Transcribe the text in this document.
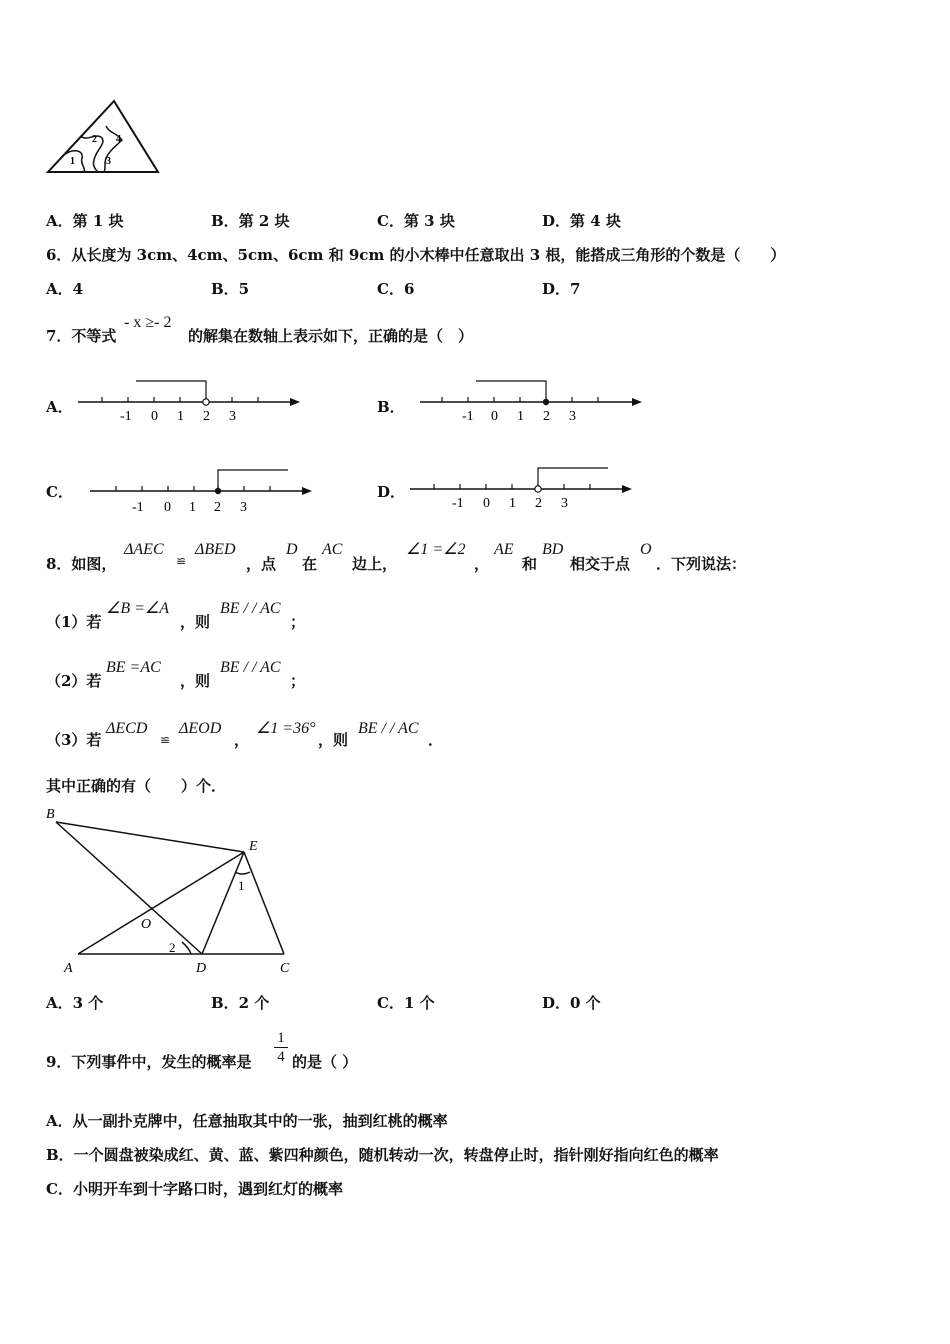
1
2
3
4
A．第 1 块	B．第 2 块	C．第 3 块	D．第 4 块
6．从长度为 3cm、4cm、5cm、6cm 和 9cm 的小木棒中任意取出 3 根，能搭成三角形的个数是（　　）
A．4	B．5	C．6	D．7
7．不等式
- x ≥- 2
的解集在数轴上表示如下，正确的是（　）
A．	B．
C．	D．
-1 0 1 2 3	-1 0 1 2 3
-1 0 1 2 3	-1 0 1 2 3
8．如图，
ΔAEC
≌
ΔBED
，点
D
在
AC
边上，
∠1 =∠2
，
AE
和
BD
相交于点
O
．下列说法：
（1）若
∠B =∠A
，则
BE / / AC
；
（2）若
BE =AC
，则
BE / / AC
；
（3）若
ΔECD
≌
ΔEOD
，
∠1 =36°
，则
BE / / AC
．
其中正确的有（　　）个．
B
E
1
O
2
A	D	C
A．3 个	B．2 个	C．1 个	D．0 个
9．下列事件中，发生的概率是
1
4 的是（ ）
A．从一副扑克牌中，任意抽取其中的一张，抽到红桃的概率
B．一个圆盘被染成红、黄、蓝、紫四种颜色，随机转动一次，转盘停止时，指针刚好指向红色的概率
C．小明开车到十字路口时，遇到红灯的概率
